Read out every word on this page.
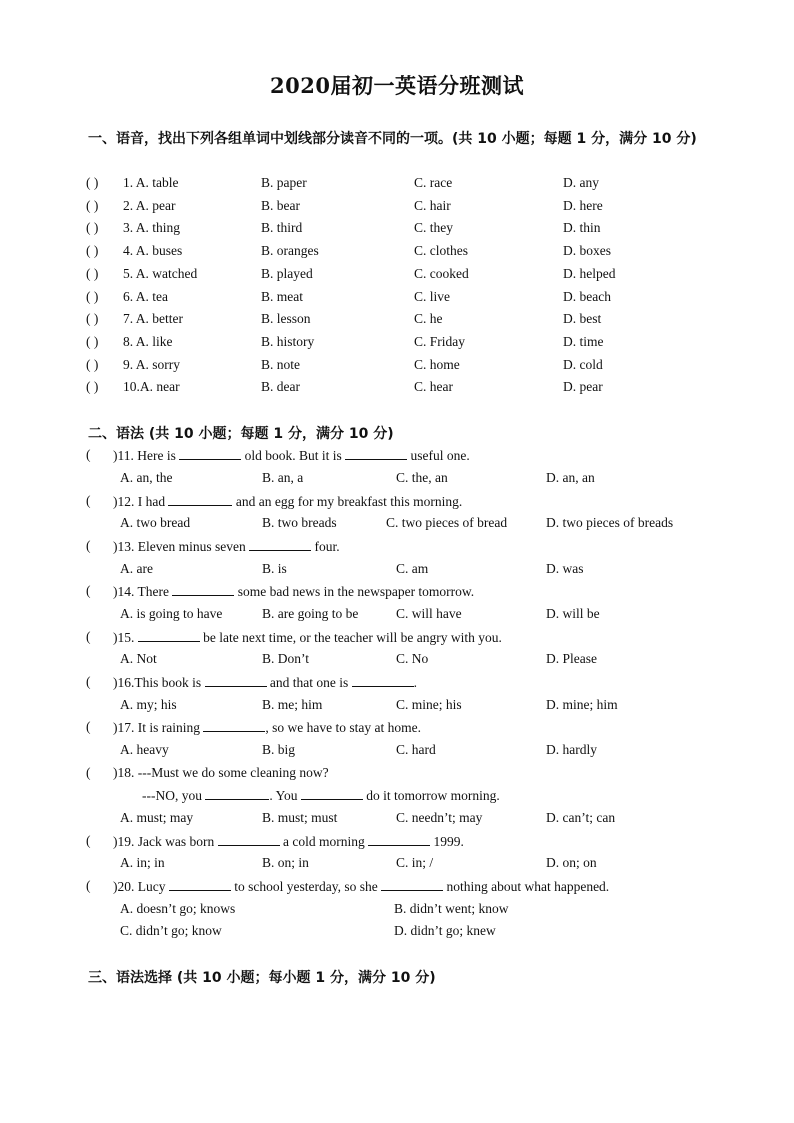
2020届初一英语分班测试
一、语音，找出下列各组单词中划线部分读音不同的一项。(共 10 小题；每题 1 分，满分 10 分)
( ) 1. A. table	B. paper	C. race	D. any
( ) 2. A. pear	B. bear	C. hair	D. here
( ) 3. A. thing	B. third	C. they	D. thin
( ) 4. A. buses	B. oranges	C. clothes	D. boxes
( ) 5. A. watched	B. played	C. cooked	D. helped
( ) 6. A. tea	B. meat	C. live	D. beach
( ) 7. A. better	B. lesson	C. he	D. best
( ) 8. A. like	B. history	C. Friday	D. time
( ) 9. A. sorry	B. note	C. home	D. cold
( ) 10.A. near	B. dear	C. hear	D. pear
二、语法 (共 10 小题；每题 1 分，满分 10 分)
( )11. Here is	old book. But it is	useful one.
A. an, the	B. an, a	C. the, an	D. an, an
( )12. I had	and an egg for my breakfast this morning.
A. two bread	B. two breads	C. two pieces of bread	D. two pieces of breads
( )13. Eleven minus seven	four.
A. are	B. is	C. am	D. was
( )14. There	some bad news in the newspaper tomorrow.
A. is going to have	B. are going to be	C. will have	D. will be
( )15.	be late next time, or the teacher will be angry with you.
A. Not	B. Don’t	C. No	D. Please
( )16.This book is	and that one is	.
A. my; his	B. me; him	C. mine; his	D. mine; him
( )17. It is raining	, so we have to stay at home.
A. heavy	B. big	C. hard	D. hardly
( )18. ---Must we do some cleaning now?
---NO, you	. You	do it tomorrow morning.
A. must; may	B. must; must	C. needn’t; may	D. can’t; can
( )19. Jack was born	a cold morning	1999.
A. in; in	B. on; in	C. in; /	D. on; on
( )20. Lucy	to school yesterday, so she	nothing about what happened.
A. doesn’t go; knows	B. didn’t went; know
C. didn’t go; know	D. didn’t go; knew
三、语法选择 (共 10 小题；每小题 1 分，满分 10 分)
